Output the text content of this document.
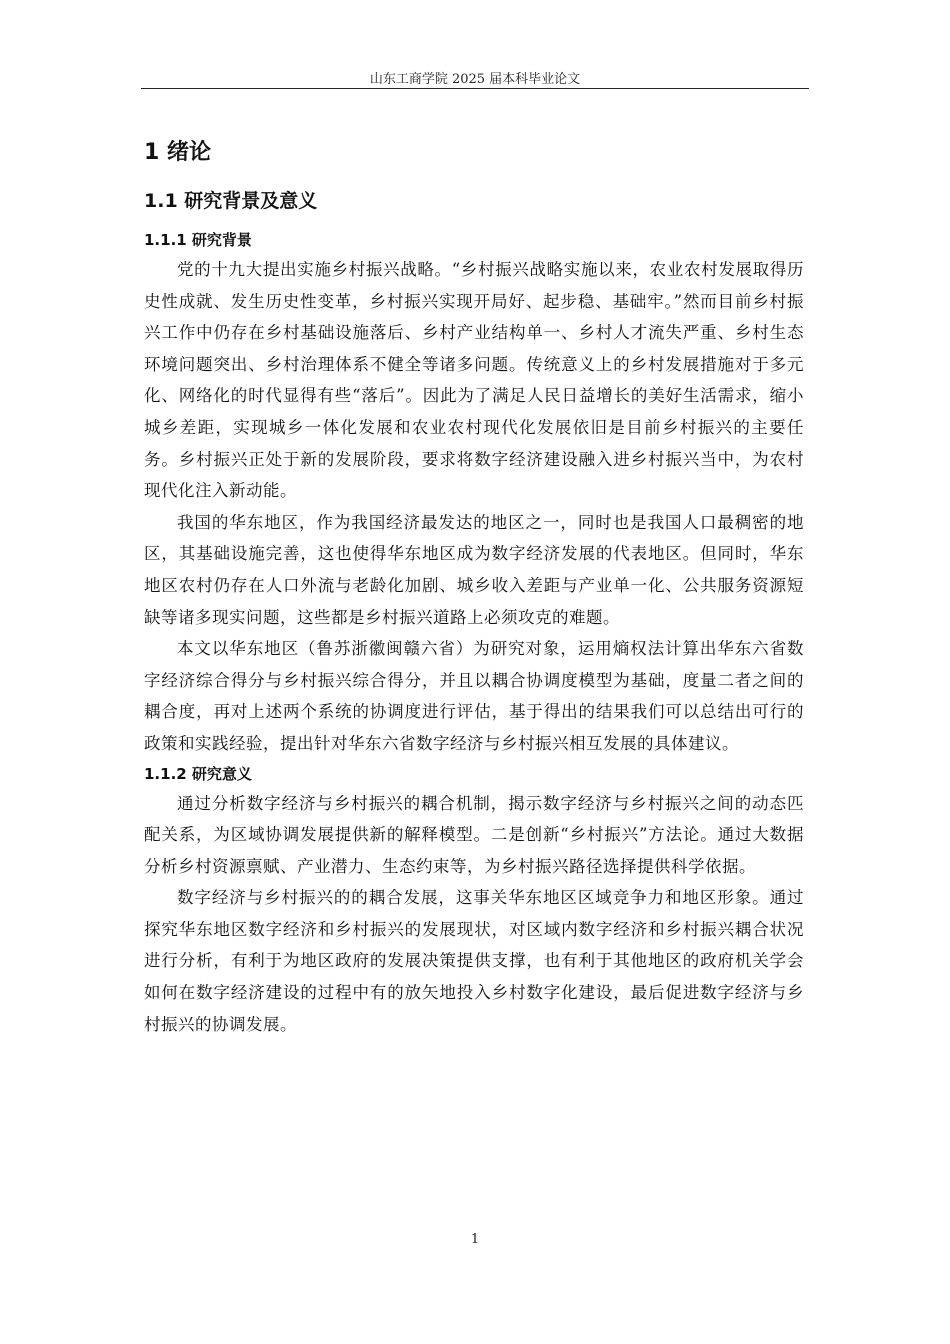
山东工商学院 2025 届本科毕业论文
1 绪论
1.1 研究背景及意义
1.1.1 研究背景

党的十九大提出实施乡村振兴战略。“乡村振兴战略实施以来，农业农村发展取得历史性成就、发生历史性变革，乡村振兴实现开局好、起步稳、基础牢。”然而目前乡村振兴工作中仍存在乡村基础设施落后、乡村产业结构单一、乡村人才流失严重、乡村生态环境问题突出、乡村治理体系不健全等诸多问题。传统意义上的乡村发展措施对于多元化、网络化的时代显得有些“落后”。因此为了满足人民日益增长的美好生活需求，缩小城乡差距，实现城乡一体化发展和农业农村现代化发展依旧是目前乡村振兴的主要任务。乡村振兴正处于新的发展阶段，要求将数字经济建设融入进乡村振兴当中，为农村现代化注入新动能。

我国的华东地区，作为我国经济最发达的地区之一，同时也是我国人口最稠密的地区，其基础设施完善，这也使得华东地区成为数字经济发展的代表地区。但同时，华东地区农村仍存在人口外流与老龄化加剧、城乡收入差距与产业单一化、公共服务资源短缺等诸多现实问题，这些都是乡村振兴道路上必须攻克的难题。

本文以华东地区（鲁苏浙徽闽赣六省）为研究对象，运用熵权法计算出华东六省数字经济综合得分与乡村振兴综合得分，并且以耦合协调度模型为基础，度量二者之间的耦合度，再对上述两个系统的协调度进行评估，基于得出的结果我们可以总结出可行的政策和实践经验，提出针对华东六省数字经济与乡村振兴相互发展的具体建议。

1.1.2 研究意义

通过分析数字经济与乡村振兴的耦合机制，揭示数字经济与乡村振兴之间的动态匹配关系，为区域协调发展提供新的解释模型。二是创新“乡村振兴”方法论。通过大数据分析乡村资源禀赋、产业潜力、生态约束等，为乡村振兴路径选择提供科学依据。

数字经济与乡村振兴的的耦合发展，这事关华东地区区域竞争力和地区形象。通过探究华东地区数字经济和乡村振兴的发展现状，对区域内数字经济和乡村振兴耦合状况进行分析，有利于为地区政府的发展决策提供支撑，也有利于其他地区的政府机关学会如何在数字经济建设的过程中有的放矢地投入乡村数字化建设，最后促进数字经济与乡村振兴的协调发展。

1
